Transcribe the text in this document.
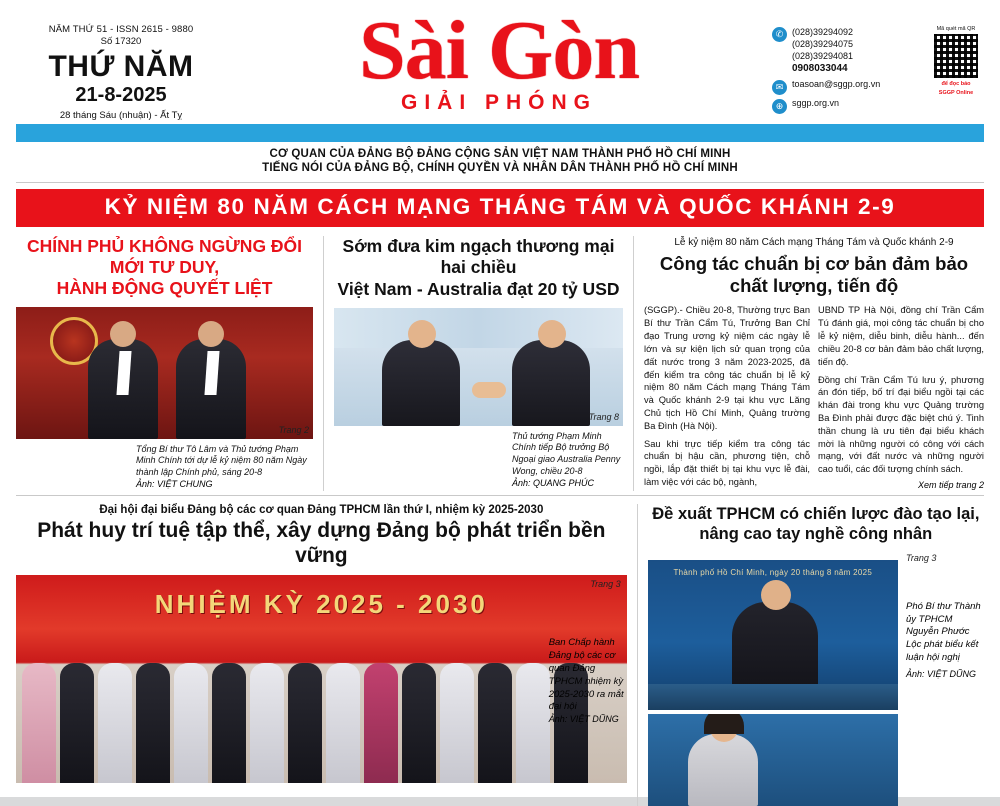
NĂM THỨ 51 - ISSN 2615 - 9880
Số 17320
THỨ NĂM
21-8-2025
28 tháng Sáu (nhuận) - Ất Tỵ
Sài Gòn
GIẢI PHÓNG
✆ (028)39294092
(028)39294075
(028)39294081
0908033044
✉ toasoan@sggp.org.vn
⊕ sggp.org.vn
Mã quét mã QR
để đọc báo
SGGP Online
CƠ QUAN CỦA ĐẢNG BỘ ĐẢNG CỘNG SẢN VIỆT NAM THÀNH PHỐ HỒ CHÍ MINH
TIẾNG NÓI CỦA ĐẢNG BỘ, CHÍNH QUYỀN VÀ NHÂN DÂN THÀNH PHỐ HỒ CHÍ MINH
KỶ NIỆM 80 NĂM CÁCH MẠNG THÁNG TÁM VÀ QUỐC KHÁNH 2-9
CHÍNH PHỦ KHÔNG NGỪNG ĐỔI MỚI TƯ DUY,
HÀNH ĐỘNG QUYẾT LIỆT
Trang 2
Tổng Bí thư Tô Lâm và Thủ tướng Phạm Minh Chính tới dự lễ kỷ niệm 80 năm Ngày thành lập Chính phủ, sáng 20-8
Ảnh: VIỆT CHUNG
Sớm đưa kim ngạch thương mại hai chiều
Việt Nam - Australia đạt 20 tỷ USD
Trang 8
Thủ tướng Phạm Minh Chính tiếp Bộ trưởng Bộ Ngoại giao Australia Penny Wong, chiều 20-8
Ảnh: QUANG PHÚC
Lễ kỷ niệm 80 năm Cách mạng Tháng Tám và Quốc khánh 2-9
Công tác chuẩn bị cơ bản đảm bảo
chất lượng, tiến độ
(SGGP).- Chiều 20-8, Thường trực Ban Bí thư Trần Cẩm Tú, Trưởng Ban Chỉ đạo Trung ương kỷ niệm các ngày lễ lớn và sự kiện lịch sử quan trọng của đất nước trong 3 năm 2023-2025, đã đến kiểm tra công tác chuẩn bị lễ kỷ niệm 80 năm Cách mạng Tháng Tám và Quốc khánh 2-9 tại khu vực Lăng Chủ tịch Hồ Chí Minh, Quảng trường Ba Đình (Hà Nội).
Sau khi trực tiếp kiểm tra công tác chuẩn bị hậu cần, phương tiện, chỗ ngồi, lắp đặt thiết bị tại khu vực lễ đài, làm việc với các bộ, ngành,
UBND TP Hà Nội, đồng chí Trần Cẩm Tú đánh giá, mọi công tác chuẩn bị cho lễ kỷ niệm, diễu binh, diễu hành... đến chiều 20-8 cơ bản đảm bảo chất lượng, tiến độ.
Đồng chí Trần Cẩm Tú lưu ý, phương án đón tiếp, bố trí đại biểu ngồi tại các khán đài trong khu vực Quảng trường Ba Đình phải được đặc biệt chú ý. Tinh thần chung là ưu tiên đại biểu khách mời là những người có công với cách mạng, với đất nước và những người cao tuổi, các đối tượng chính sách.
Xem tiếp trang 2
Đại hội đại biểu Đảng bộ các cơ quan Đảng TPHCM lần thứ I, nhiệm kỳ 2025-2030
Phát huy trí tuệ tập thể, xây dựng Đảng bộ phát triển bền vững
NHIỆM KỲ 2025 - 2030
Trang 3
Ban Chấp hành Đảng bộ các cơ quan Đảng TPHCM nhiệm kỳ 2025-2030 ra mắt đại hội
Ảnh: VIỆT DŨNG
Đề xuất TPHCM có chiến lược đào tạo lại,
nâng cao tay nghề công nhân
Thành phố Hồ Chí Minh, ngày 20 tháng 8 năm 2025
Trang 3
Phó Bí thư Thành ủy TPHCM Nguyễn Phước Lộc phát biểu kết luận hội nghị
Ảnh: VIỆT DŨNG
